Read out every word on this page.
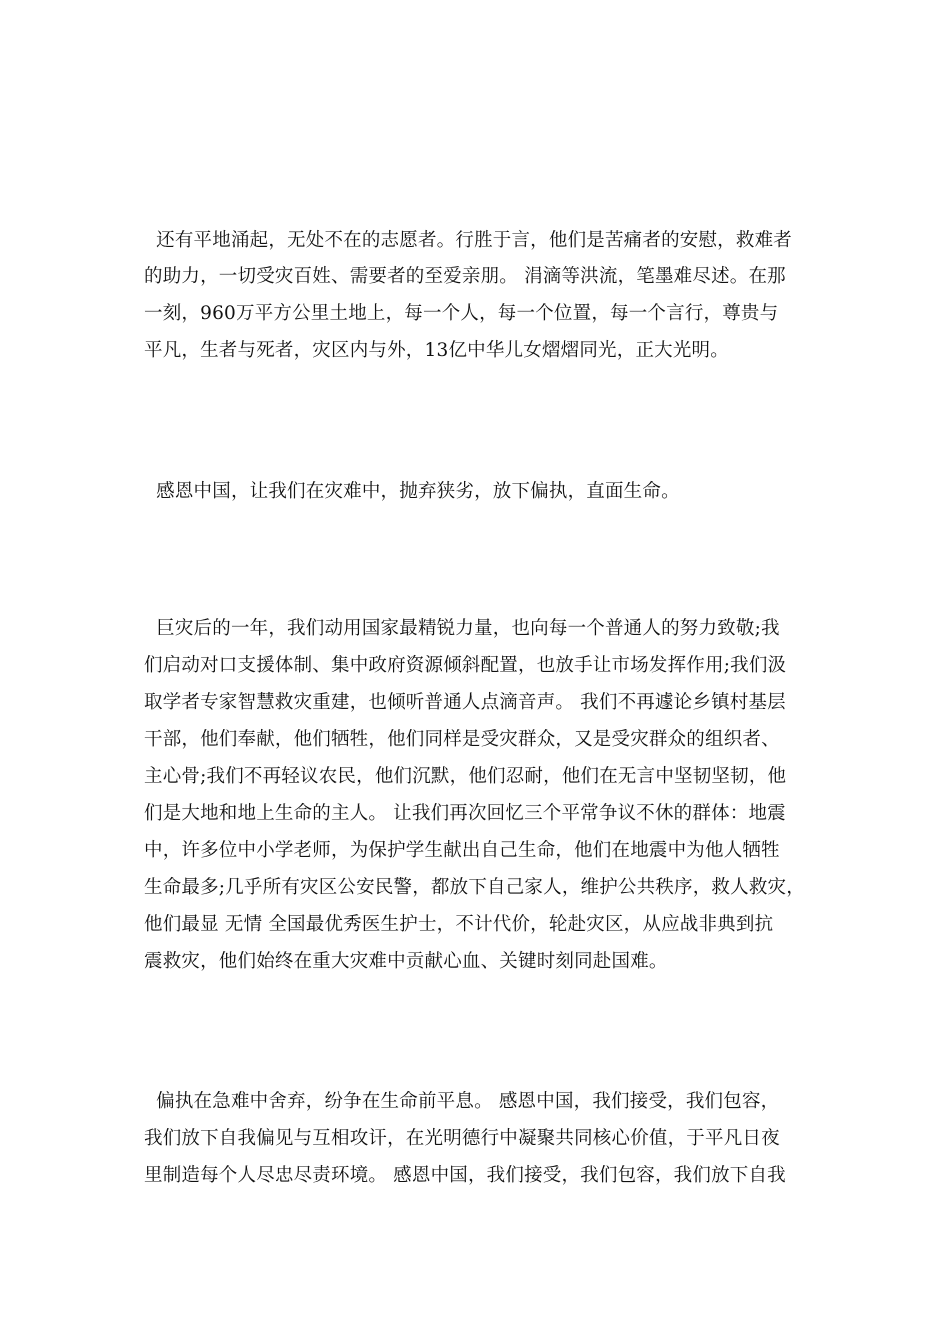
还有平地涌起，无处不在的志愿者。行胜于言，他们是苦痛者的安慰，救难者
的助力，一切受灾百姓、需要者的至爱亲朋。 涓滴等洪流，笔墨难尽述。在那
一刻，960万平方公里土地上，每一个人，每一个位置，每一个言行，尊贵与
平凡，生者与死者，灾区内与外，13亿中华儿女熠熠同光，正大光明。
感恩中国，让我们在灾难中，抛弃狭劣，放下偏执，直面生命。
巨灾后的一年，我们动用国家最精锐力量，也向每一个普通人的努力致敬;我
们启动对口支援体制、集中政府资源倾斜配置，也放手让市场发挥作用;我们汲
取学者专家智慧救灾重建，也倾听普通人点滴音声。 我们不再遽论乡镇村基层
干部，他们奉献，他们牺牲，他们同样是受灾群众，又是受灾群众的组织者、
主心骨;我们不再轻议农民，他们沉默，他们忍耐，他们在无言中坚韧坚韧，他
们是大地和地上生命的主人。 让我们再次回忆三个平常争议不休的群体：地震
中，许多位中小学老师，为保护学生献出自己生命，他们在地震中为他人牺牲
生命最多;几乎所有灾区公安民警，都放下自己家人，维护公共秩序，救人救灾，
他们最显 无情 全国最优秀医生护士，不计代价，轮赴灾区，从应战非典到抗
震救灾，他们始终在重大灾难中贡献心血、关键时刻同赴国难。
偏执在急难中舍弃，纷争在生命前平息。 感恩中国，我们接受，我们包容，
我们放下自我偏见与互相攻讦，在光明德行中凝聚共同核心价值，于平凡日夜
里制造每个人尽忠尽责环境。 感恩中国，我们接受，我们包容，我们放下自我
